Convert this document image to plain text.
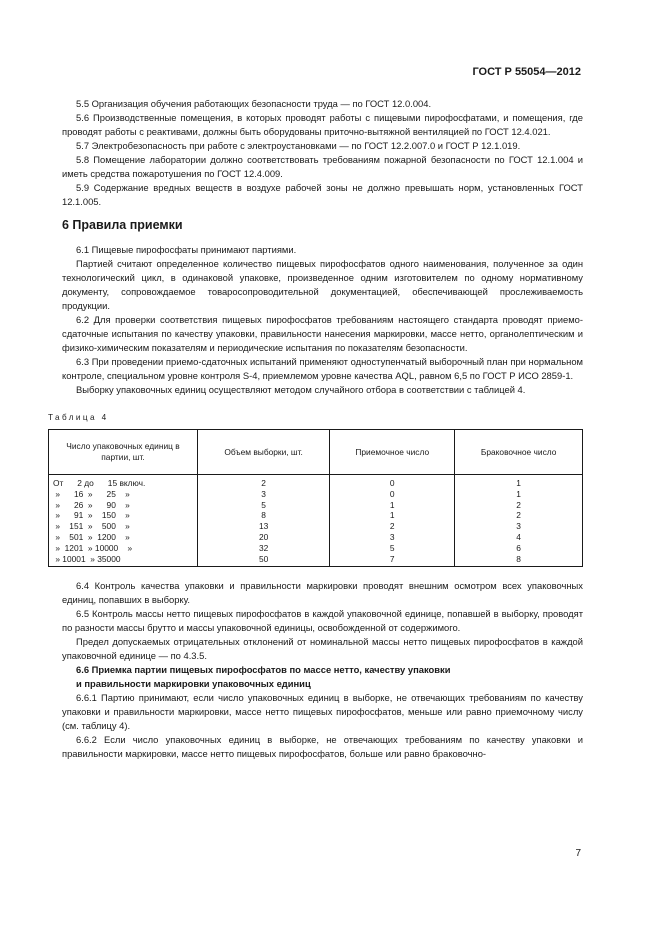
ГОСТ Р 55054—2012

5.5 Организация обучения работающих безопасности труда — по ГОСТ 12.0.004.

5.6 Производственные помещения, в которых проводят работы с пищевыми пирофосфатами, и помещения, где проводят работы с реактивами, должны быть оборудованы приточно-вытяжной вентиляцией по ГОСТ 12.4.021.

5.7 Электробезопасность при работе с электроустановками — по ГОСТ 12.2.007.0 и ГОСТ Р 12.1.019.

5.8 Помещение лаборатории должно соответствовать требованиям пожарной безопасности по ГОСТ 12.1.004 и иметь средства пожаротушения по ГОСТ 12.4.009.

5.9 Содержание вредных веществ в воздухе рабочей зоны не должно превышать норм, установленных ГОСТ 12.1.005.

6 Правила приемки

6.1 Пищевые пирофосфаты принимают партиями.

Партией считают определенное количество пищевых пирофосфатов одного наименования, полученное за один технологический цикл, в одинаковой упаковке, произведенное одним изготовителем по одному нормативному документу, сопровождаемое товаросопроводительной документацией, обеспечивающей прослеживаемость продукции.

6.2 Для проверки соответствия пищевых пирофосфатов требованиям настоящего стандарта проводят приемо-сдаточные испытания по качеству упаковки, правильности нанесения маркировки, массе нетто, органолептическим и физико-химическим показателям и периодические испытания по показателям безопасности.

6.3 При проведении приемо-сдаточных испытаний применяют одноступенчатый выборочный план при нормальном контроле, специальном уровне контроля S-4, приемлемом уровне качества AQL, равном 6,5 по ГОСТ Р ИСО 2859-1.

Выборку упаковочных единиц осуществляют методом случайного отбора в соответствии с таблицей 4.

Таблица 4
Число упаковочных единиц в партии, шт.	Объем выборки, шт.	Приемочное число	Браковочное число
От      2 до      15 включ.	2	0	1
»      16  »      25    »	3	0	1
»      26  »      90    »	5	1	2
»      91  »    150    »	8	1	2
»    151  »    500    »	13	2	3
»    501  »  1200    »	20	3	4
»  1201  » 10000    »	32	5	6
» 10001  » 35000	50	7	8

6.4 Контроль качества упаковки и правильности маркировки проводят внешним осмотром всех упаковочных единиц, попавших в выборку.

6.5 Контроль массы нетто пищевых пирофосфатов в каждой упаковочной единице, попавшей в выборку, проводят по разности массы брутто и массы упаковочной единицы, освобожденной от содержимого.

Предел допускаемых отрицательных отклонений от номинальной массы нетто пищевых пирофосфатов в каждой упаковочной единице — по 4.3.5.

6.6 Приемка партии пищевых пирофосфатов по массе нетто, качеству упаковки
и правильности маркировки упаковочных единиц

6.6.1 Партию принимают, если число упаковочных единиц в выборке, не отвечающих требованиям по качеству упаковки и правильности маркировки, массе нетто пищевых пирофосфатов, меньше или равно приемочному числу (см. таблицу 4).

6.6.2 Если число упаковочных единиц в выборке, не отвечающих требованиям по качеству упаковки и правильности маркировки, массе нетто пищевых пирофосфатов, больше или равно браковочно-

7
